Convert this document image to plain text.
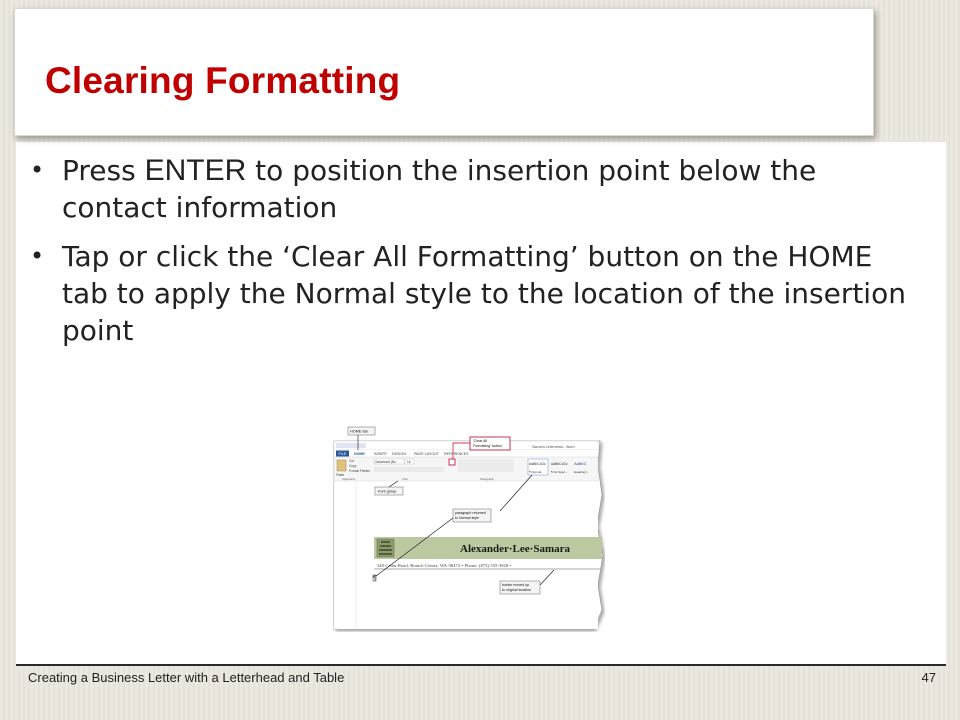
Clearing Formatting
• Press ENTER to position the insertion point below the contact information
• Tap or click the ‘Clear All Formatting’ button on the HOME tab to apply the Normal style to the location of the insertion point
Samara Letterhead - Word
FILE HOME	INSERT DESIGN PAGE LAYOUT REFERENCES
Paste
Cut
Copy
Format Painter
Garamond (Bo	14	AaBbCcDc
¶ Normal
AaBbCcDc
¶ No Spac...
AaBbC
Heading 1
Clipboard	Font	Paragraph
Alexander·Lee·Samara
340·Cedar·Road,·Branch·Center,·WA·98472·•·Phone:·(873)·555-3928·•
¶
HOME tab
'Clear All
Formatting' button
Font group
paragraph returned
to Normal style
border moved up
to original location
Creating a Business Letter with a Letterhead and Table	47
